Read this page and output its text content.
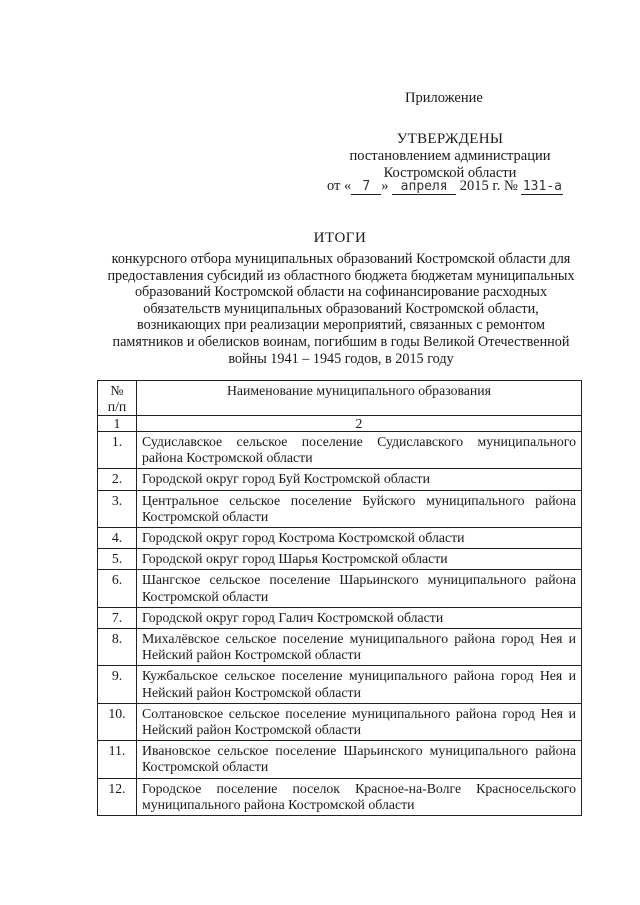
Приложение
УТВЕРЖДЕНЫ
постановлением администрации
Костромской области
от « 7 » апреля 2015 г. № 131-а
ИТОГИ
конкурсного отбора муниципальных образований Костромской области для
предоставления субсидий из областного бюджета бюджетам муниципальных
образований Костромской области на софинансирование расходных
обязательств муниципальных образований Костромской области,
возникающих при реализации мероприятий, связанных с ремонтом
памятников и обелисков воинам, погибшим в годы Великой Отечественной
войны 1941 – 1945 годов, в 2015 году
№
п/п	Наименование муниципального образования
1	2
1.	Судиславское сельское поселение Судиславского муниципального района Костромской области
2.	Городской округ город Буй Костромской области
3.	Центральное сельское поселение Буйского муниципального района Костромской области
4.	Городской округ город Кострома Костромской области
5.	Городской округ город Шарья Костромской области
6.	Шангское сельское поселение Шарьинского муниципального района Костромской области
7.	Городской округ город Галич Костромской области
8.	Михалёвское сельское поселение муниципального района город Нея и Нейский район Костромской области
9.	Кужбальское сельское поселение муниципального района город Нея и Нейский район Костромской области
10.	Солтановское сельское поселение муниципального района город Нея и Нейский район Костромской области
11.	Ивановское сельское поселение Шарьинского муниципального района Костромской области
12.	Городское поселение поселок Красное-на-Волге Красносельского муниципального района Костромской области
